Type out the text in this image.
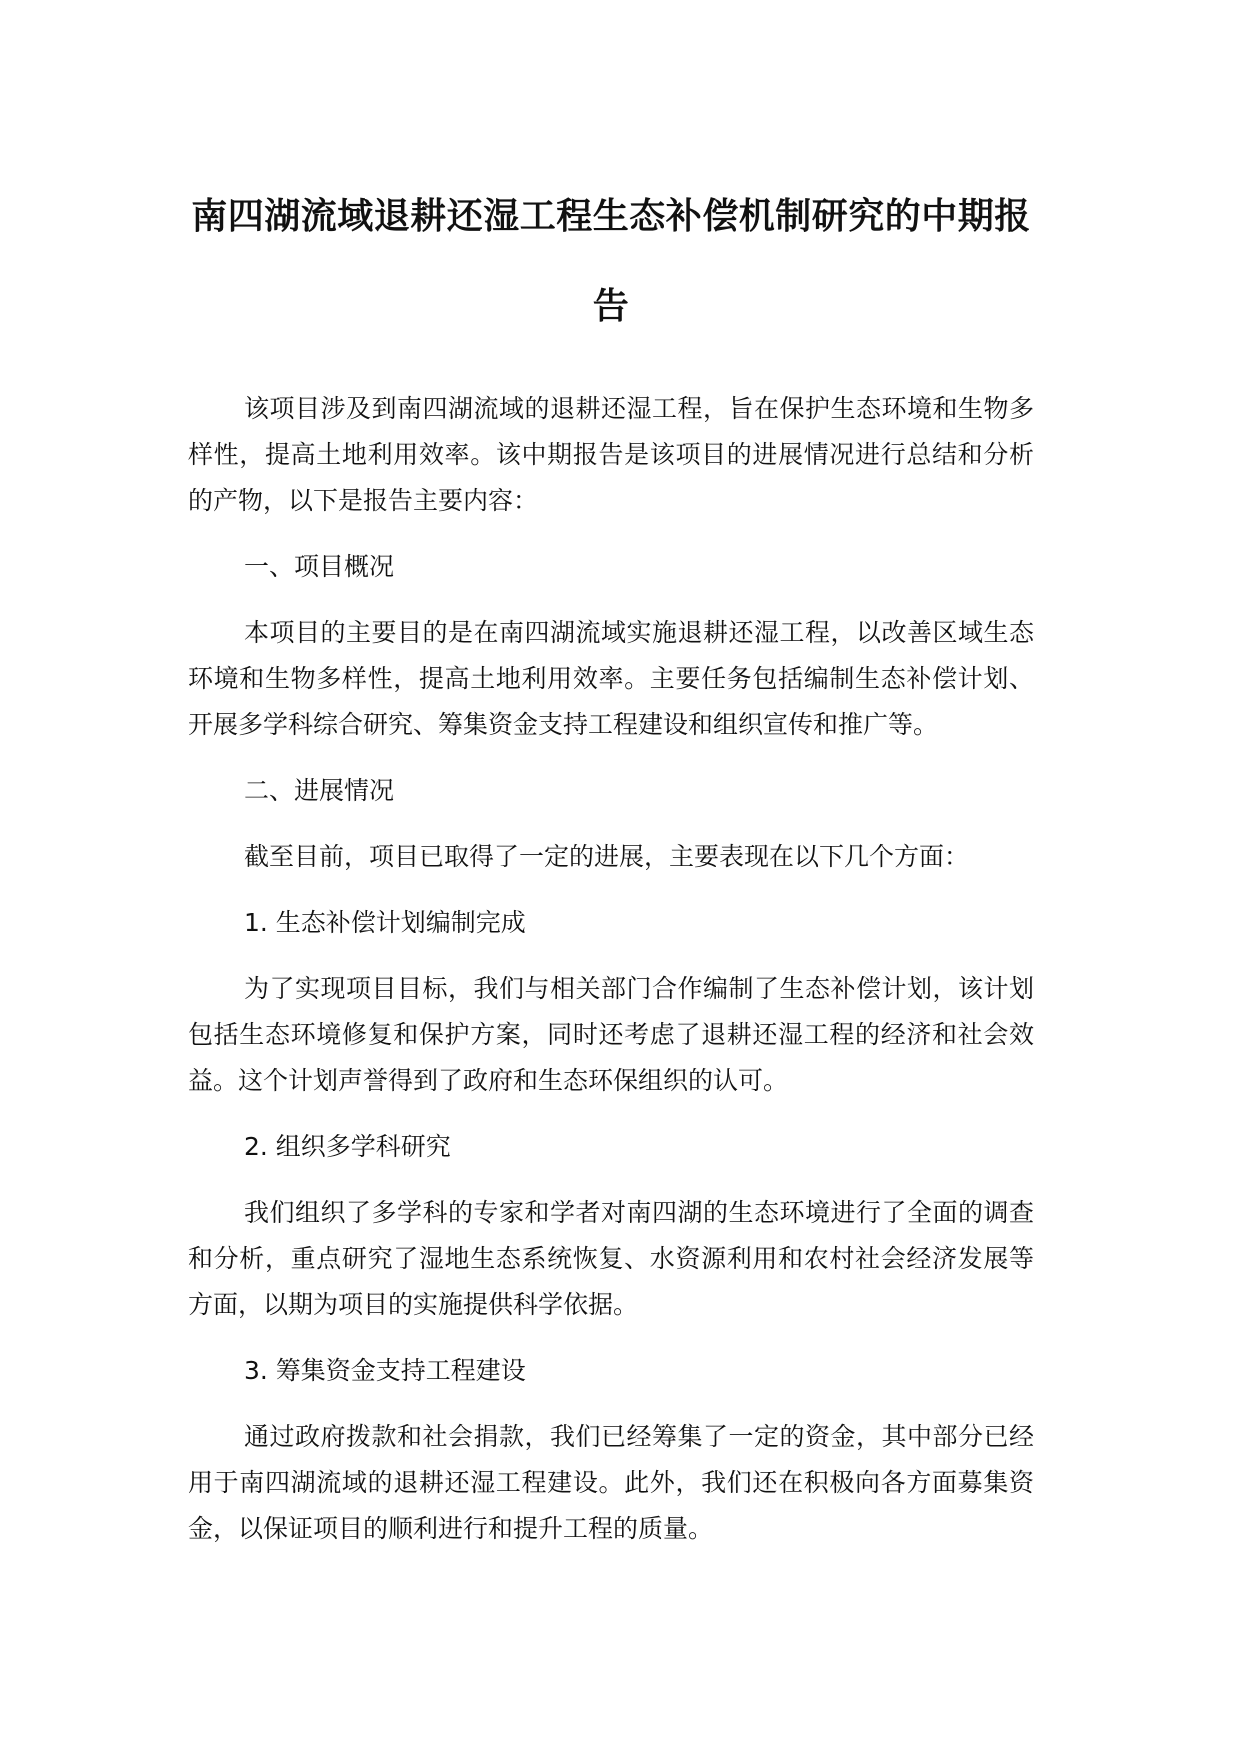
南四湖流域退耕还湿工程生态补偿机制研究的中期报告

该项目涉及到南四湖流域的退耕还湿工程，旨在保护生态环境和生物多样性，提高土地利用效率。该中期报告是该项目的进展情况进行总结和分析的产物，以下是报告主要内容：

一、项目概况

本项目的主要目的是在南四湖流域实施退耕还湿工程，以改善区域生态环境和生物多样性，提高土地利用效率。主要任务包括编制生态补偿计划、开展多学科综合研究、筹集资金支持工程建设和组织宣传和推广等。

二、进展情况

截至目前，项目已取得了一定的进展，主要表现在以下几个方面：

1. 生态补偿计划编制完成

为了实现项目目标，我们与相关部门合作编制了生态补偿计划，该计划包括生态环境修复和保护方案，同时还考虑了退耕还湿工程的经济和社会效益。这个计划声誉得到了政府和生态环保组织的认可。

2. 组织多学科研究

我们组织了多学科的专家和学者对南四湖的生态环境进行了全面的调查和分析，重点研究了湿地生态系统恢复、水资源利用和农村社会经济发展等方面，以期为项目的实施提供科学依据。

3. 筹集资金支持工程建设

通过政府拨款和社会捐款，我们已经筹集了一定的资金，其中部分已经用于南四湖流域的退耕还湿工程建设。此外，我们还在积极向各方面募集资金，以保证项目的顺利进行和提升工程的质量。
